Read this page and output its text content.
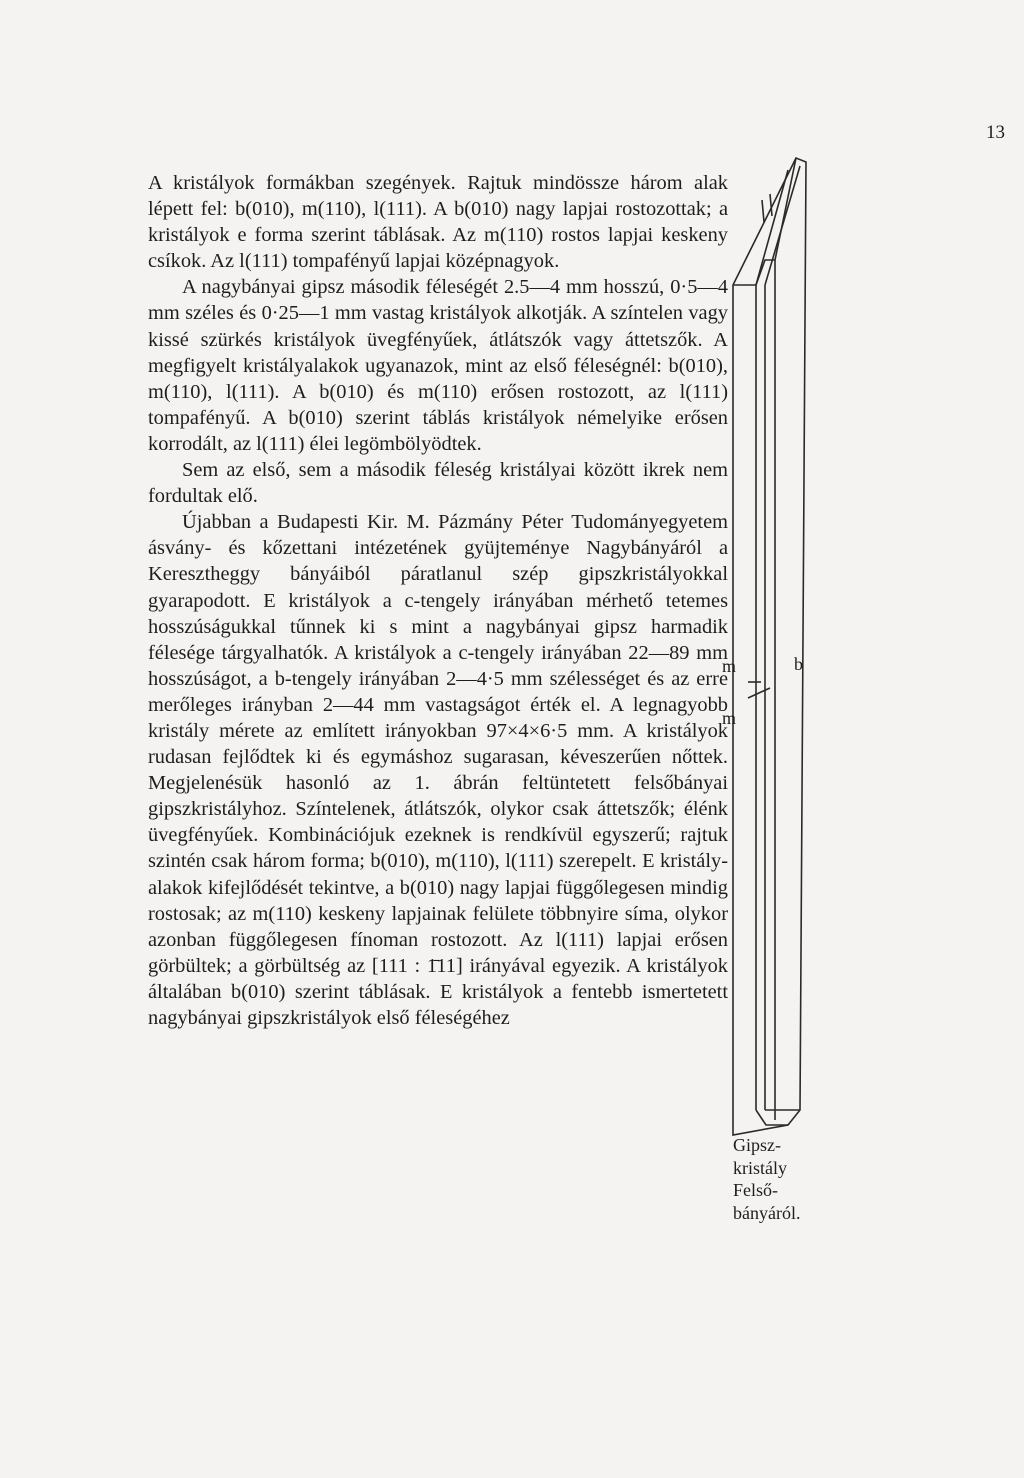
13

A kristályok formákban szegények. Rajtuk mindössze három alak lépett fel: b(010), m(110), l(111). A b(010) nagy lapjai rostozottak; a kristályok e forma szerint táblásak. Az m(110) rostos lapjai keskeny csíkok. Az l(111) tompafényű lapjai középnagyok.

A nagybányai gipsz második féleségét 2.5—4 mm hosszú, 0·5—4 mm széles és 0·25—1 mm vastag kristályok alkotják. A színtelen vagy kissé szürkés kristályok üvegfényűek, átlátszók vagy áttetszők. A megfigyelt kristályalakok ugyanazok, mint az első féleségnél: b(010), m(110), l(111). A b(010) és m(110) erősen rostozott, az l(111) tompafényű. A b(010) szerint táblás kristályok némelyike erősen korrodált, az l(111) élei legömbölyödtek.

Sem az első, sem a második féleség kristályai között ikrek nem fordultak elő.

Újabban a Budapesti Kir. M. Pázmány Péter Tudományegyetem ásvány- és kőzettani intézetének gyüjteménye Nagybányáról a Keresztheggy bányáiból páratlanul szép gipszkristályokkal gyarapodott. E kristályok a c-tengely irányában mérhető tetemes hosszúságukkal tűnnek ki s mint a nagybányai gipsz harmadik félesége tárgyalhatók. A kristályok a c-tengely irányában 22—89 mm hosszúságot, a b-tengely irányában 2—4·5 mm szélességet és az erre merőleges irányban 2—44 mm vastagságot érték el. A legnagyobb kristály mérete az említett irányokban 97×4×6·5 mm. A kristályok rudasan fejlődtek ki és egymáshoz sugarasan, kéveszerűen nőttek. Megjelenésük hasonló az 1. ábrán feltüntetett felsőbányai gipszkristályhoz. Színtelenek, átlátszók, olykor csak áttetszők; élénk üvegfényűek. Kombinációjuk ezeknek is rendkívül egyszerű; rajtuk szintén csak három forma; b(010), m(110), l(111) szerepelt. E kristályalakok kifejlődését tekintve, a b(010) nagy lapjai függőlegesen mindig rostosak; az m(110) keskeny lapjainak felülete többnyire síma, olykor azonban függőlegesen fínoman rostozott. Az l(111) lapjai erősen görbültek; a görbültség az [111 : 1̄11] irányával egyezik. A kristályok általában b(010) szerint táblásak. E kristályok a fentebb ismertetett nagybányai gipszkristályok első féleségéhez

m
m
b
Gipsz-
kristály
Felső-
bányáról.
